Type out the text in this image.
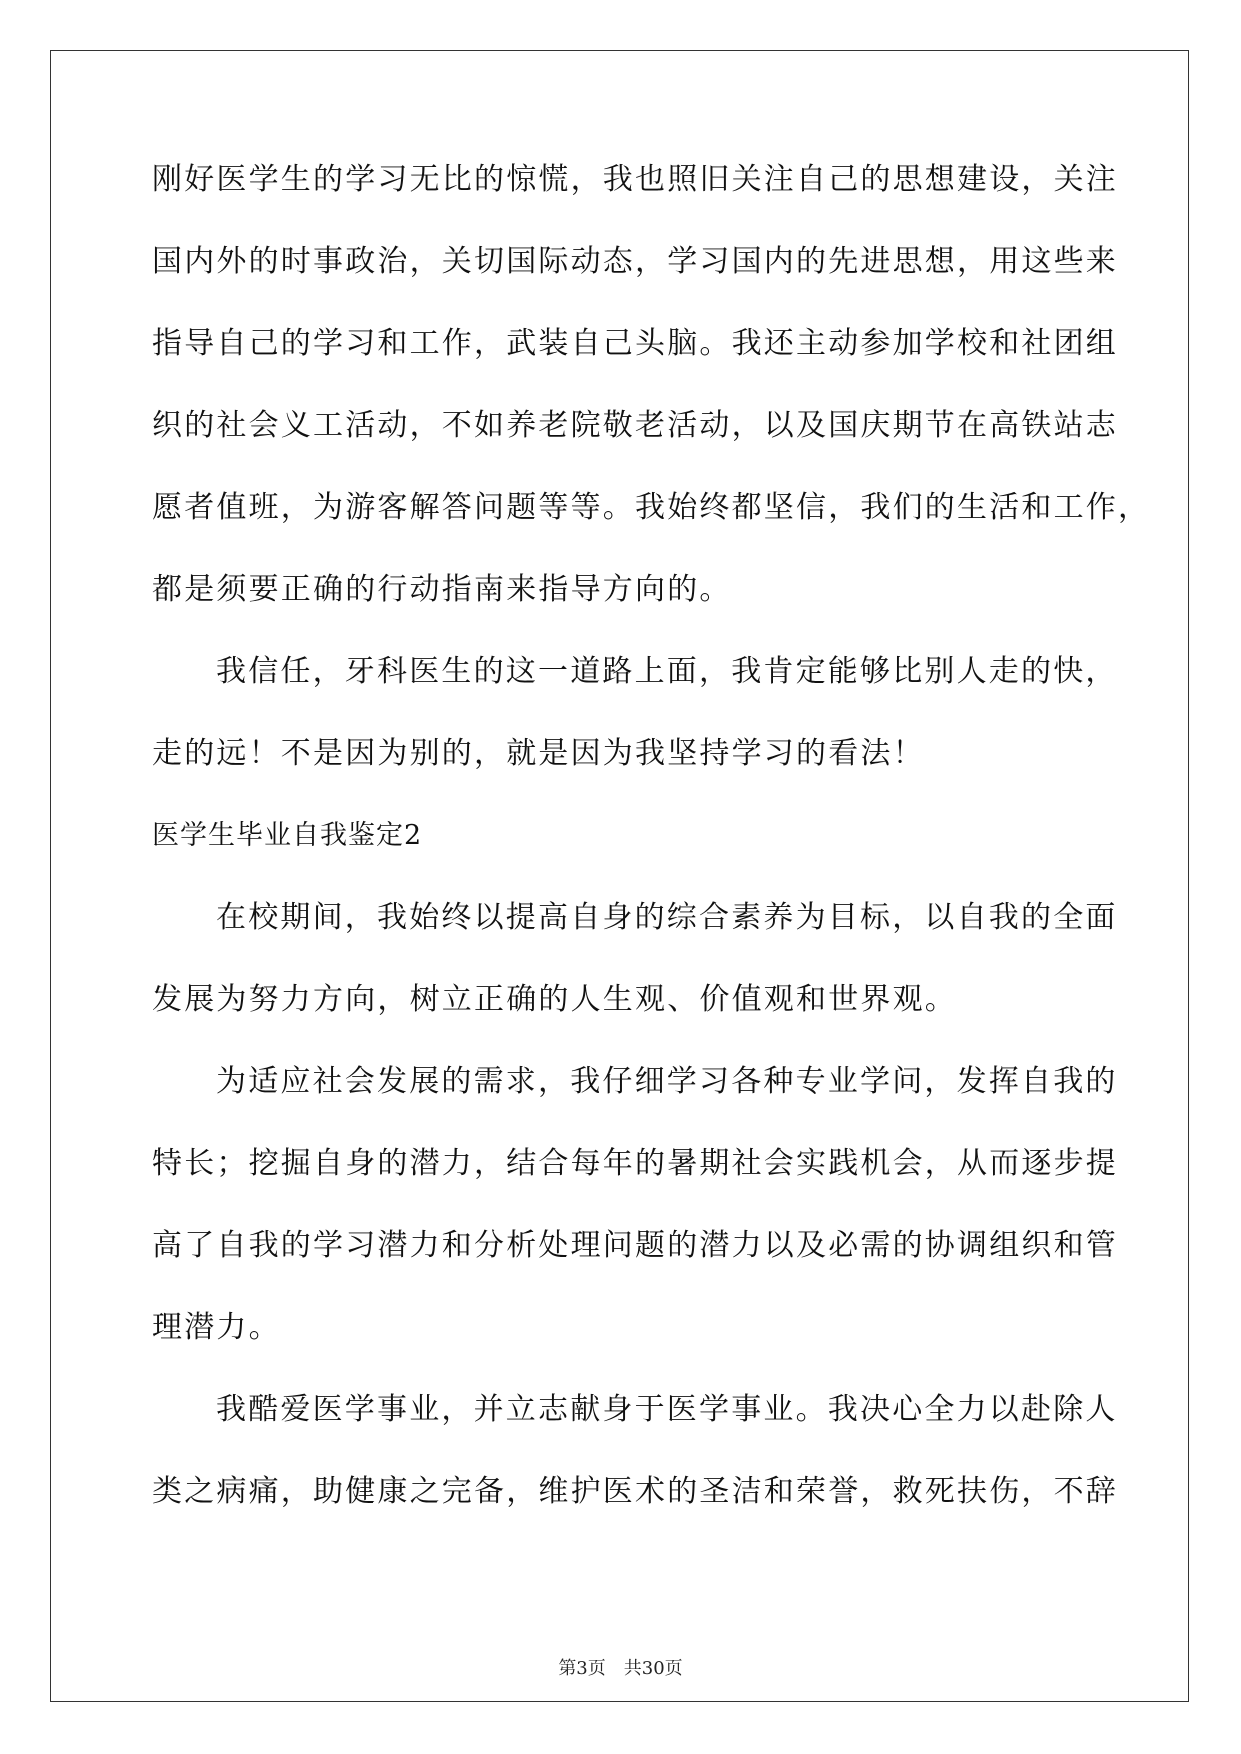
刚好医学生的学习无比的惊慌，我也照旧关注自己的思想建设，关注
国内外的时事政治，关切国际动态，学习国内的先进思想，用这些来
指导自己的学习和工作，武装自己头脑。我还主动参加学校和社团组
织的社会义工活动，不如养老院敬老活动，以及国庆期节在高铁站志
愿者值班，为游客解答问题等等。我始终都坚信，我们的生活和工作，
都是须要正确的行动指南来指导方向的。
我信任，牙科医生的这一道路上面，我肯定能够比别人走的快，
走的远！不是因为别的，就是因为我坚持学习的看法！
医学生毕业自我鉴定2
在校期间，我始终以提高自身的综合素养为目标，以自我的全面
发展为努力方向，树立正确的人生观、价值观和世界观。
为适应社会发展的需求，我仔细学习各种专业学问，发挥自我的
特长；挖掘自身的潜力，结合每年的暑期社会实践机会，从而逐步提
高了自我的学习潜力和分析处理问题的潜力以及必需的协调组织和管
理潜力。
我酷爱医学事业，并立志献身于医学事业。我决心全力以赴除人
类之病痛，助健康之完备，维护医术的圣洁和荣誉，救死扶伤，不辞
第3页　共30页
